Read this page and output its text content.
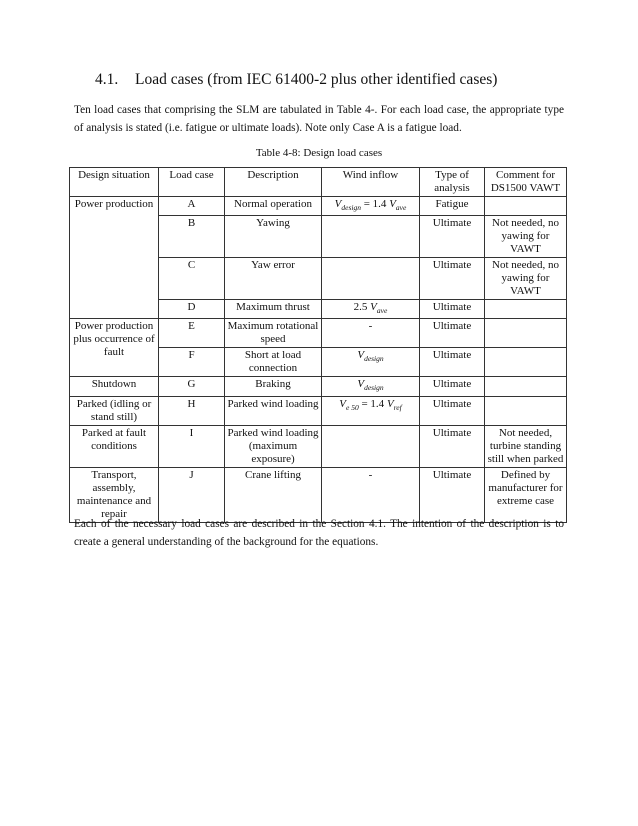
4.1. Load cases (from IEC 61400-2 plus other identified cases)
Ten load cases that comprising the SLM are tabulated in Table 4-. For each load case, the appropriate type of analysis is stated (i.e. fatigue or ultimate loads). Note only Case A is a fatigue load.
Table 4-8: Design load cases
Design situation	Load case	Description	Wind inflow	Type of analysis	Comment for DS1500 VAWT
Power production	A	Normal operation	$V_{design} = 1.4$ $V_{ave}$	Fatigue	
	B	Yawing		Ultimate	Not needed, no yawing for VAWT
	C	Yaw error		Ultimate	Not needed, no yawing for VAWT
	D	Maximum thrust	2.5 $V_{ave}$	Ultimate	
Power production plus occurrence of fault	E	Maximum rotational speed	-	Ultimate	
	F	Short at load connection	$V_{design}$	Ultimate	
Shutdown	G	Braking	$V_{design}$	Ultimate	
Parked (idling or stand still)	H	Parked wind loading	$V_{e 50} = 1.4$ $V_{ref}$	Ultimate	
Parked at fault conditions	I	Parked wind loading (maximum exposure)		Ultimate	Not needed, turbine standing still when parked
Transport, assembly, maintenance and repair	J	Crane lifting	-	Ultimate	Defined by manufacturer for extreme case
Each of the necessary load cases are described in the Section 4.1. The intention of the description is to create a general understanding of the background for the equations.
